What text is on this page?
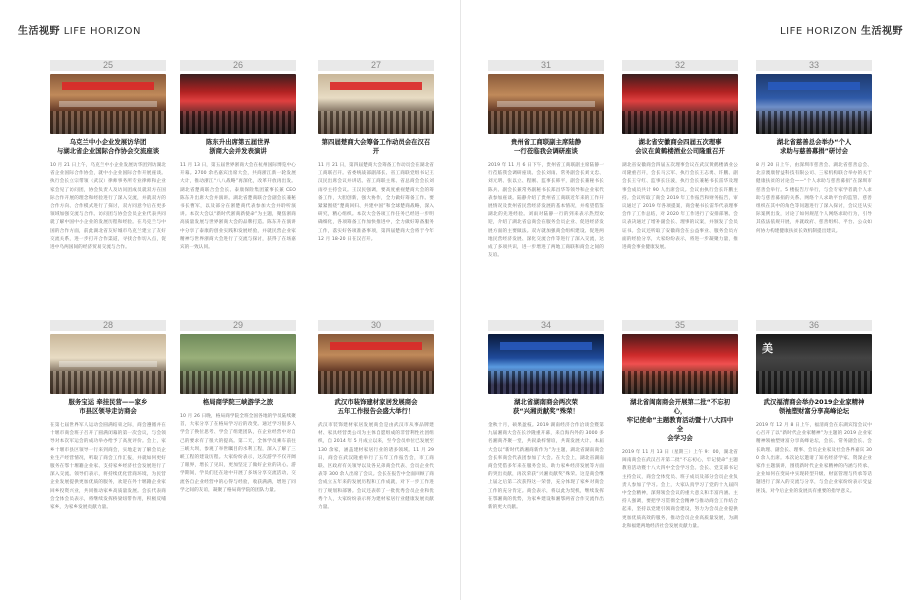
生活视野 LIFE HORIZON	LIFE HORIZON 生活视野
25
乌克兰中小企业发展访华团
与湖北省企业国际合作协会交流座谈
10 月 21 日上午，乌克兰中小企业发展访华团到访湖北省企业国际合作协会，就中小企业国际合作开展座谈。执行会长立宗带领（武汉）律师事务所专业律师和企业家会见了访问团，协会负责人及访问团成员就双方在国际合作开展的理念和经验进行了深入交流，并就双方的合作方向、合作模式进行了探讨，双方同意今后在更多领域加强交流与合作。访问团与协会会员企业代表共同就了解中国中小企业的发展历程和经验。在乌克兰与中国的合作方面，前此湖北省友好城市乌克兰建立了友好交流关系，进一步打开合作渠道，寻找合作切入点，促进中乌两国间的经济贸易交流与合作。
26
陈东升出席第五届世界
浙商大会并发表演讲
11 月 13 日，第五届世界浙商大会在杭州国际博览中心开幕。2700 余名嘉宾出席大会，共商浙江新一轮发展大计，推动浙江“八八战略”再深化，改革开放再出发。湖北省楚商联合会会长、泰康保险集团董事长兼 CEO 陈东升出席大会并演讲。湖北省楚商联合会副会长兼秘书长曹军，以及部分在浙楚商代表参加大会并聆听演讲。本次大会以“新时代浙商新使命”为主题，聚焦浙商高质量发展与世界浙商大会的品牌打造。陈东升在演讲中分享了泰康的创业实践和发展经验，并就民营企业家精神与世界浙商大会进行了交流与探讨，获得了在场嘉宾的一致认同。
27
第四届楚商大会筹备工作动员会在汉召开
11 月 21 日，第四届楚商大会筹备工作动员会在湖北省工商联召开。省委统战部副部长、省工商联党组书记王汉民出席会议并讲话。省工商联主席、省总商会会长刘雨亭主持会议。王汉民强调，要高度重视楚商大会的筹备工作，大胆创新，强大协作，全力做好筹备工作。要紧紧围绕“楚商回归、共建中国”和全球楚商战略，深入研究，精心组织。本次大会各项工作任务已经进一步明确细化，各项筹备工作加快推进中，全力做好筹备服务工作，落实好各项准备事项，第四届楚商大会将于今年 12 月 18-20 日在汉召开。
31
贵州省工商联副主席陆静
一行莅临我会调研座谈
2019 年 11 月 6 日下午，贵州省工商联副主席陆静一行莅临我会调研座谈。会长刘雨、常务副会长刘文忠、刘元明、张以立、程刚、监事长韩平，副会长兼秘书长陈兵、副会长兼常务副秘书长郑昌华等领导和企业家代表参加座谈。陆静介绍了贵州省工商联近年来的工作开展情况及贵州省民营经济发展的基本情况，并希望借鉴湖北的先进经验。刘雨对陆静一行的到来表示热烈欢迎，介绍了湖北省总商会在服务会员企业、促进经济发展方面的主要做法。双方就加强商会组织建设、促进两地民营经济发展、深化交流合作等进行了深入交流，达成了多项共识，进一步增进了两地工商联和商会之间的友谊。
32
湖北省安徽商会四届五次理事
会议在黄鹤楼酒业公司隆重召开
湖北省安徽商会四届五次理事会议在武汉黄鹤楼酒业公司隆重召开，会长马云军、执行会长王志勇、许鹏、副会长王守红、监事长汪波，执行会长兼秘书长雷华及理事会成员共计 90 人出席会议。会议由执行会长许鹏主持。会议听取了商会 2019 年工作报告和财务报告，审议通过了 2019 年各项提案，商会秘书长雷华代表理事会作了工作总结，对 2020 年工作进行了安排部署。会议表决通过了增补副会长、理事的议案，并颁发了会员证书。会议还听取了安徽商会在公益事业、服务会员方面的经验分享，大家纷纷表示，将进一步凝聚力量，推进商会事业健康发展。
33
湖北省慈善总会举办“个人
求助与慈善募捐”研讨会
8 月 20 日上午，由深圳市慈善会、湖北省慈善总会、北京澳康智益科技有限公司、三家机构联合举办的关于健康扶贫的讨论会——“个人求助与慈善募捐”在深圳市慈善会举行。5 楼报告厅举行，与会专家学者就个人求助与慈善募捐的关系、网络个人求助平台的监管、慈善组织在其中的角色等问题进行了深入探讨，会议还从实际案例出发，讨论了如何规范个人网络求助行为，引导其依法依规开展，并就政府、慈善组织、平台、公众如何协力构建健康扶贫长效机制提出建议。
28
服务宝运 牵挂民营——家乡
市县区领导走访商会
在第七届世界军人运动会圆满结束之际，商会遵循并在十堰市商会班子召开了圆满闭幕的第一次会议，与会领导对本次军运会的成功举办给予了高度评价。会上，家乡十堰市县区领导一行来到商会，实地走访了解会员企业生产经营情况，听取了商会工作汇报，并就如何更好服务在鄂十堰籍企业家、支持家乡经济社会发展进行了深入交流。领导们表示，将持续优化营商环境，为民营企业发展提供更加优质的服务，欢迎在外十堰籍企业家回乡投资兴业，共同推动家乡高质量发展。会长代表商会全体会员表示，将继续发挥桥梁纽带作用，积极反哺家乡，为家乡发展贡献力量。
29
格局商学院三峡游学之旅
10 月 26 日晚，格局商学院全班全国各地的学员陆续聚首，大家分享了在格局学习后的改变。通过学习很多人学会了换位思考、学会了组建团队，在企业经营中对自己的要求有了很大的提高。第二天，全体学员乘车前往三峡大坝，参观了举世瞩目的水利工程，深入了解了三峡工程的建设历程。大家纷纷表示，这次游学不仅开阔了眼界，增长了见识，更加坚定了做好企业的决心。游学期间，学员们还在途中开展了多场分享交流活动，交流各自企业经营中的心得与经验，收获满满，增进了同学之间的友谊，凝聚了格局商学院的团队力量。
30
武汉市装饰建材家居发展商会
五年工作报告会盛大举行！
武汉市装饰建材家居发展商会是由武汉市从事品牌建材、家具经营类公司为主体自愿组成的非营利性社团组织，自 2014 年 5 月成立以来，至今会员单位已发展至 130 余家，涵盖建材家居行业的诸多领域。11 月 29 日，商会在武汉隆重举行了五年工作报告会，市工商联、区政府有关领导以及各兄弟商会代表、会员企业代表等 300 余人出席了会议。会长在报告中全面回顾了商会成立五年来的发展历程和工作成就，对下一步工作进行了规划和部署。会议还表彰了一批优秀会员企业和优秀个人，大家纷纷表示将为建材家居行业健康发展贡献力量。
34
湖北省湖南商会两次荣
获“兴湘贡献奖”殊荣！
金秋十月，硕果盈枝。2019 湖南经济合作洽谈会暨第九届湘商大会在长沙隆重开幕，来自海内外的 3000 多名湘商齐聚一堂，共叙桑梓情谊，共谋发展大计。本届大会以“新时代新湘商新作为”为主题，湖北省湖南商会会长率商会代表团参加了大会。在大会上，湖北省湖南商会凭借多年来在服务会员、助力家乡经济发展等方面的突出贡献，再次荣获“兴湘贡献奖”殊荣。这是商会继上届之后第二次获得这一荣誉，充分体现了家乡对商会工作的充分肯定。商会表示，将以此为契机，继续发挥在鄂湘商的优势，为家乡建设和湘鄂两省合作交流作出新的更大贡献。
35
湖北省闽南商会开展第二批“不忘初心，
牢记使命”主题教育活动暨十八大四中全
会学习会
2019 年 11 月 13 日（星期三）上午 9：00，湖北省闽南商会在武汉召开第二批“不忘初心，牢记使命”主题教育活动暨十八大四中全会学习会。会长、党支部书记主持会议，商会全体党员、班子成员及部分会员企业负责人参加了学习。会上，大家认真学习了党的十九届四中全会精神，深刻领会会议的重大意义和丰富内涵。主持人强调，要把学习贯彻全会精神与推动商会工作结合起来，坚持以党建引领商会建设，努力为会员企业提供更加优质高效的服务，推动会员企业高质量发展，为湖北和福建两地经济社会发展贡献力量。
36
美
武汉福清商会举办2019企业家精神
领袖塑财富分享高峰论坛
2019 年 12 月 8 日上午，福清商会在东湖宾馆会议中心召开了以“新时代企业家精神”为主题的 2019 企业家精神领袖塑财富分享高峰论坛，会长、常务副会长、会长助理、副会长、理事、会员企业家及社会各界嘉宾 300 余人出席。本次论坛邀请了知名经济学家、资深企业家作主题演讲，围绕新时代企业家精神的内涵与传承、企业如何在变局中实现转型升级、财富管理与传承等话题进行了深入的交流与分享，与会企业家纷纷表示受益匪浅，对今后企业的发展具有重要的指导意义。
